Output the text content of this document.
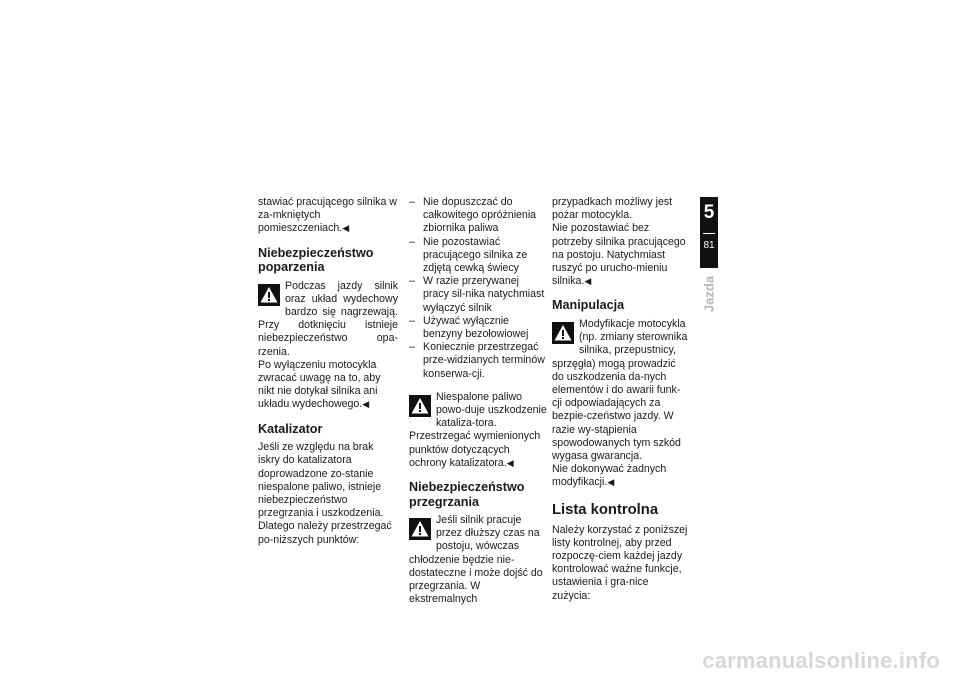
stawiać pracującego silnika w za-mkniętych pomieszczeniach.◀

Niebezpieczeństwo poparzenia
Podczas jazdy silnik oraz układ wydechowy bardzo się nagrzewają. Przy dotknięciu istnieje niebezpieczeństwo opa-rzenia.

Po wyłączeniu motocykla zwracać uwagę na to, aby nikt nie dotykał silnika ani układu wydechowego.◀

Katalizator

Jeśli ze względu na brak iskry do katalizatora doprowadzone zo-stanie niespalone paliwo, istnieje niebezpieczeństwo przegrzania i uszkodzenia.

Dlatego należy przestrzegać po-niższych punktów:

– Nie dopuszczać do całkowitego opróżnienia zbiornika paliwa
– Nie pozostawiać pracującego silnika ze zdjętą cewką świecy
– W razie przerywanej pracy sil-nika natychmiast wyłączyć silnik
– Używać wyłącznie benzyny bezołowiowej
– Koniecznie przestrzegać prze-widzianych terminów konserwa-cji.
Niespalone paliwo powo-duje uszkodzenie kataliza-tora.

Przestrzegać wymienionych punktów dotyczących ochrony katalizatora.◀

Niebezpieczeństwo przegrzania
Jeśli silnik pracuje przez dłuższy czas na postoju, wówczas chłodzenie będzie nie-dostateczne i może dojść do przegrzania. W ekstremalnych

przypadkach możliwy jest pożar motocykla.

Nie pozostawiać bez potrzeby silnika pracującego na postoju. Natychmiast ruszyć po urucho-mieniu silnika.◀

Manipulacja
Modyfikacje motocykla (np. zmiany sterownika silnika, przepustnicy, sprzęgła) mogą prowadzić do uszkodzenia da-nych elementów i do awarii funk-cji odpowiadających za bezpie-czeństwo jazdy. W razie wy-stąpienia spowodowanych tym szkód wygasa gwarancja.

Nie dokonywać żadnych modyfikacji.◀

Lista kontrolna

Należy korzystać z poniższej listy kontrolnej, aby przed rozpoczę-ciem każdej jazdy kontrolować ważne funkcje, ustawienia i gra-nice zużycia:

5
81
Jazda
carmanualsonline.info
